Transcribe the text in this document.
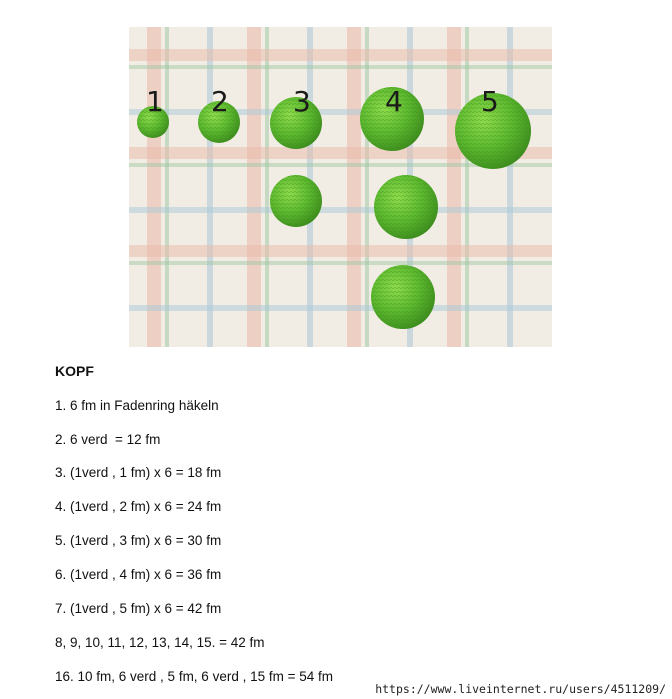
1 2 3	4	5
KOPF
1. 6 fm in Fadenring häkeln
2. 6 verd  = 12 fm
3. (1verd , 1 fm) x 6 = 18 fm
4. (1verd , 2 fm) x 6 = 24 fm
5. (1verd , 3 fm) x 6 = 30 fm
6. (1verd , 4 fm) x 6 = 36 fm
7. (1verd , 5 fm) x 6 = 42 fm
8, 9, 10, 11, 12, 13, 14, 15. = 42 fm
16. 10 fm, 6 verd , 5 fm, 6 verd , 15 fm = 54 fm
https://www.liveinternet.ru/users/4511209/
